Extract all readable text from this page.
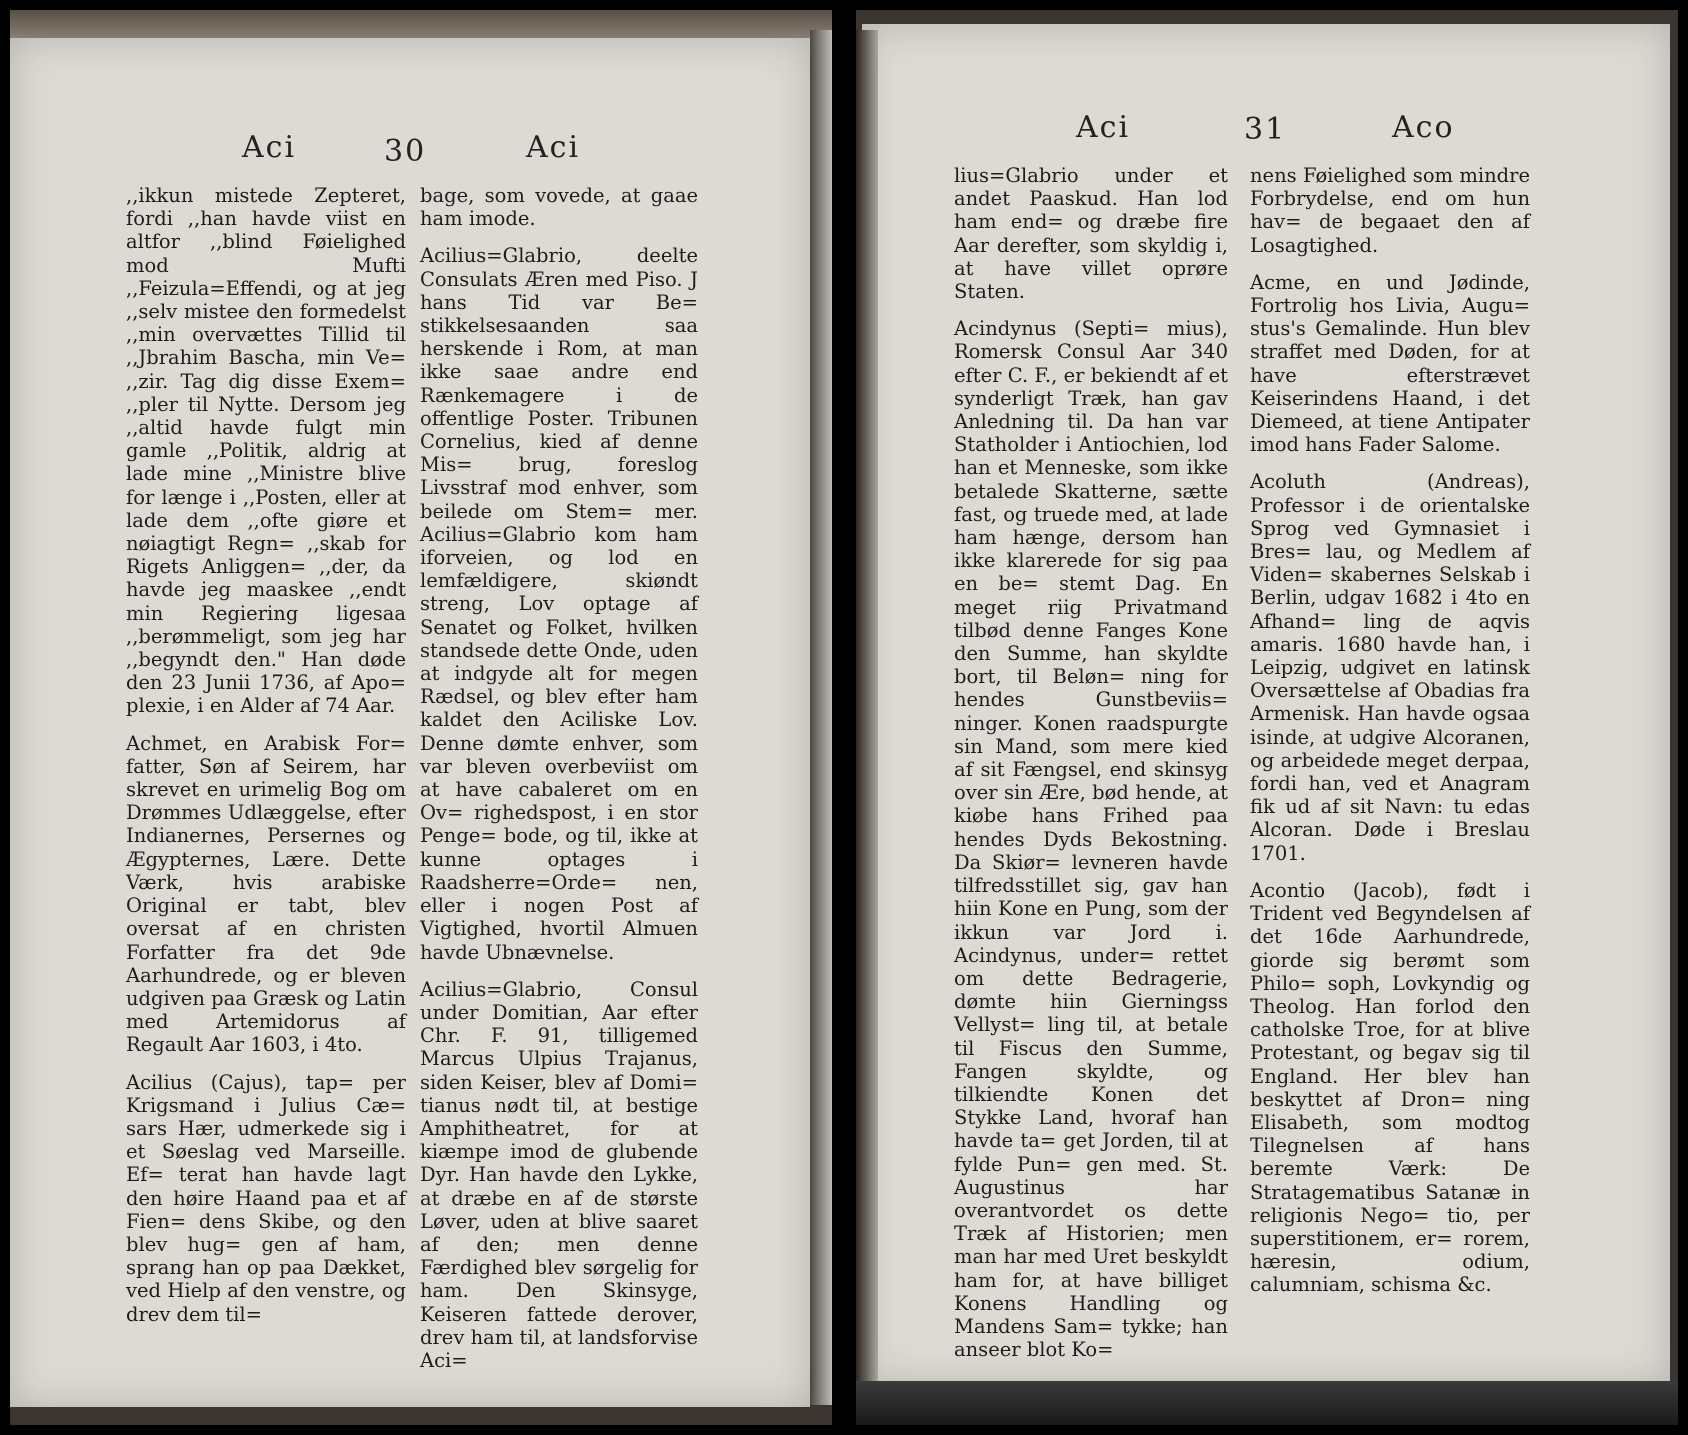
Aci	30	Aci

,,ikkun mistede Zepteret, fordi ,,han havde viist en altfor ,,blind Føielighed mod Mufti ,,Feizula=Effendi, og at jeg ,,selv mistee den formedelst ,,min overvættes Tillid til ,,Jbrahim Bascha, min Ve= ,,zir. Tag dig disse Exem= ,,pler til Nytte. Dersom jeg ,,altid havde fulgt min gamle ,,Politik, aldrig at lade mine ,,Ministre blive for længe i ,,Posten, eller at lade dem ,,ofte giøre et nøiagtigt Regn= ,,skab for Rigets Anliggen= ,,der, da havde jeg maaskee ,,endt min Regiering ligesaa ,,berømmeligt, som jeg har ,,begyndt den." Han døde den 23 Junii 1736, af Apo= plexie, i en Alder af 74 Aar.

Achmet, en Arabisk For= fatter, Søn af Seirem, har skrevet en urimelig Bog om Drømmes Udlæggelse, efter Indianernes, Persernes og Ægypternes, Lære. Dette Værk, hvis arabiske Original er tabt, blev oversat af en christen Forfatter fra det 9de Aarhundrede, og er bleven udgiven paa Græsk og Latin med Artemidorus af Regault Aar 1603, i 4to.

Acilius (Cajus), tap= per Krigsmand i Julius Cæ= sars Hær, udmerkede sig i et Søeslag ved Marseille. Ef= terat han havde lagt den høire Haand paa et af Fien= dens Skibe, og den blev hug= gen af ham, sprang han op paa Dækket, ved Hielp af den venstre, og drev dem til=

bage, som vovede, at gaae ham imode.

Acilius=Glabrio, deelte Consulats Æren med Piso. J hans Tid var Be= stikkelsesaanden saa herskende i Rom, at man ikke saae andre end Rænkemagere i de offentlige Poster. Tribunen Cornelius, kied af denne Mis= brug, foreslog Livsstraf mod enhver, som beilede om Stem= mer. Acilius=Glabrio kom ham iforveien, og lod en lemfældigere, skiøndt streng, Lov optage af Senatet og Folket, hvilken standsede dette Onde, uden at indgyde alt for megen Rædsel, og blev efter ham kaldet den Aciliske Lov. Denne dømte enhver, som var bleven overbeviist om at have cabaleret om en Ov= righedspost, i en stor Penge= bode, og til, ikke at kunne optages i Raadsherre=Orde= nen, eller i nogen Post af Vigtighed, hvortil Almuen havde Ubnævnelse.

Acilius=Glabrio, Consul under Domitian, Aar efter Chr. F. 91, tilligemed Marcus Ulpius Trajanus, siden Keiser, blev af Domi= tianus nødt til, at bestige Amphitheatret, for at kiæmpe imod de glubende Dyr. Han havde den Lykke, at dræbe en af de største Løver, uden at blive saaret af den; men denne Færdighed blev sørgelig for ham. Den Skinsyge, Keiseren fattede derover, drev ham til, at landsforvise Aci=

Aci	31	Aco

lius=Glabrio under et andet Paaskud. Han lod ham end= og dræbe fire Aar derefter, som skyldig i, at have villet oprøre Staten.

Acindynus (Septi= mius), Romersk Consul Aar 340 efter C. F., er bekiendt af et synderligt Træk, han gav Anledning til. Da han var Statholder i Antiochien, lod han et Menneske, som ikke betalede Skatterne, sætte fast, og truede med, at lade ham hænge, dersom han ikke klarerede for sig paa en be= stemt Dag. En meget riig Privatmand tilbød denne Fanges Kone den Summe, han skyldte bort, til Beløn= ning for hendes Gunstbeviis= ninger. Konen raadspurgte sin Mand, som mere kied af sit Fængsel, end skinsyg over sin Ære, bød hende, at kiøbe hans Frihed paa hendes Dyds Bekostning. Da Skiør= levneren havde tilfredsstillet sig, gav han hiin Kone en Pung, som der ikkun var Jord i. Acindynus, under= rettet om dette Bedragerie, dømte hiin Gierningss Vellyst= ling til, at betale til Fiscus den Summe, Fangen skyldte, og tilkiendte Konen det Stykke Land, hvoraf han havde ta= get Jorden, til at fylde Pun= gen med. St. Augustinus har overantvordet os dette Træk af Historien; men man har med Uret beskyldt ham for, at have billiget Konens Handling og Mandens Sam= tykke; han anseer blot Ko=

nens Føielighed som mindre Forbrydelse, end om hun hav= de begaaet den af Losagtighed.

Acme, en und Jødinde, Fortrolig hos Livia, Augu= stus's Gemalinde. Hun blev straffet med Døden, for at have efterstrævet Keiserindens Haand, i det Diemeed, at tiene Antipater imod hans Fader Salome.

Acoluth (Andreas), Professor i de orientalske Sprog ved Gymnasiet i Bres= lau, og Medlem af Viden= skabernes Selskab i Berlin, udgav 1682 i 4to en Afhand= ling de aqvis amaris. 1680 havde han, i Leipzig, udgivet en latinsk Oversættelse af Obadias fra Armenisk. Han havde ogsaa isinde, at udgive Alcoranen, og arbeidede meget derpaa, fordi han, ved et Anagram fik ud af sit Navn: tu edas Alcoran. Døde i Breslau 1701.

Acontio (Jacob), født i Trident ved Begyndelsen af det 16de Aarhundrede, giorde sig berømt som Philo= soph, Lovkyndig og Theolog. Han forlod den catholske Troe, for at blive Protestant, og begav sig til England. Her blev han beskyttet af Dron= ning Elisabeth, som modtog Tilegnelsen af hans beremte Værk: De Stratagematibus Satanæ in religionis Nego= tio, per superstitionem, er= rorem, hæresin, odium, calumniam, schisma &c.
